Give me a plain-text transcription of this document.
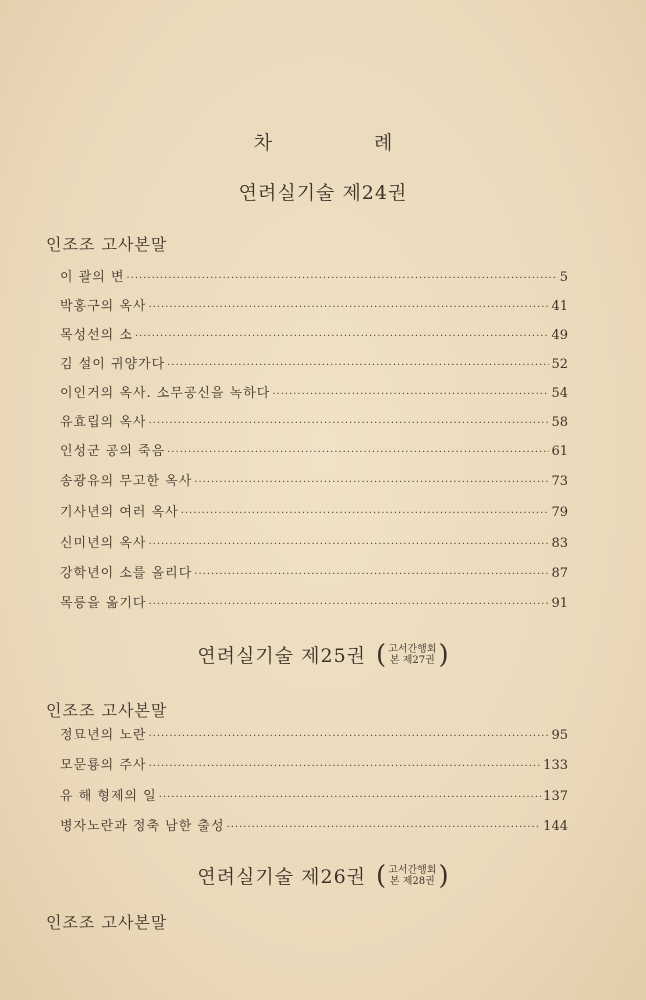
차 례
연려실기술 제24권
인조조 고사본말
이 괄의 변 ·····	5
박홍구의 옥사 ·····	41
목성선의 소 ·····	49
김 설이 귀양가다 ·····	52
이인거의 옥사. 소무공신을 녹하다 ·····	54
유효립의 옥사 ·····	58
인성군 공의 죽음 ·····	61
송광유의 무고한 옥사 ·····	73
기사년의 여러 옥사 ·····	79
신미년의 옥사 ·····	83
강학년이 소를 올리다 ·····	87
목릉을 옮기다 ·····	91
연려실기술 제25권 ( 고서간행회
본 제27권 )
인조조 고사본말
정묘년의 노란 ·····	95
모문룡의 주사 ·····	133
유 해 형제의 일 ·····	137
병자노란과 정축 남한 출성 ·····	144
연려실기술 제26권 ( 고서간행회
본 제28권 )
인조조 고사본말
